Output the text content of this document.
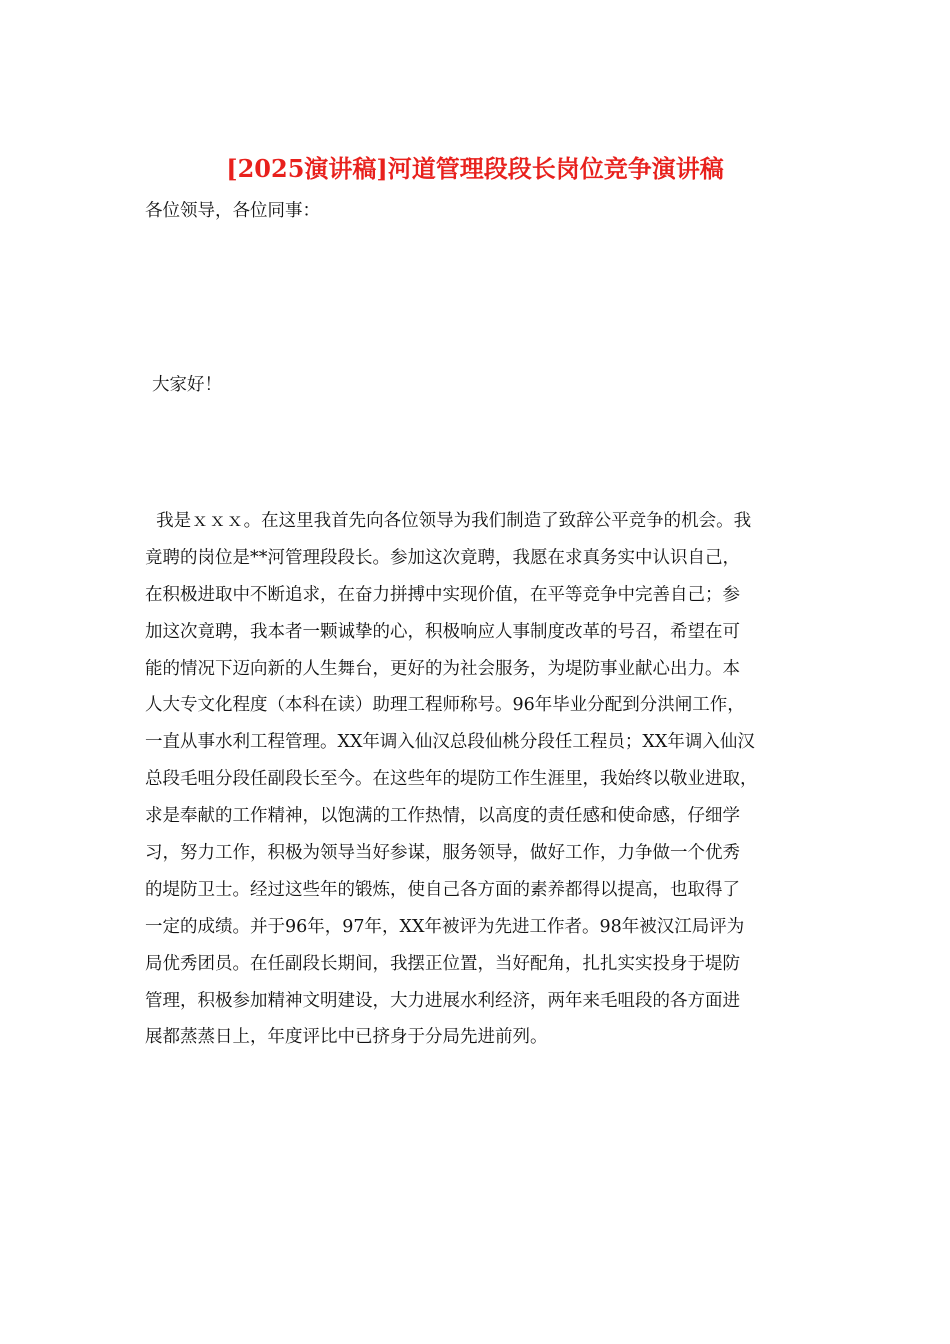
[2025演讲稿]河道管理段段长岗位竞争演讲稿
各位领导，各位同事：
大家好！
我是ｘｘｘ。在这里我首先向各位领导为我们制造了致辞公平竞争的机会。我
竟聘的岗位是**河管理段段长。参加这次竟聘，我愿在求真务实中认识自己，
在积极进取中不断追求，在奋力拼搏中实现价值，在平等竞争中完善自己；参
加这次竟聘，我本者一颗诚挚的心，积极响应人事制度改革的号召，希望在可
能的情况下迈向新的人生舞台，更好的为社会服务，为堤防事业献心出力。本
人大专文化程度（本科在读）助理工程师称号。96年毕业分配到分洪闸工作，
一直从事水利工程管理。XX年调入仙汉总段仙桃分段任工程员；XX年调入仙汉
总段毛咀分段任副段长至今。在这些年的堤防工作生涯里，我始终以敬业进取，
求是奉献的工作精神，以饱满的工作热情，以高度的责任感和使命感，仔细学
习，努力工作，积极为领导当好参谋，服务领导，做好工作，力争做一个优秀
的堤防卫士。经过这些年的锻炼，使自己各方面的素养都得以提高，也取得了
一定的成绩。并于96年，97年，XX年被评为先进工作者。98年被汉江局评为
局优秀团员。在任副段长期间，我摆正位置，当好配角，扎扎实实投身于堤防
管理，积极参加精神文明建设，大力进展水利经济，两年来毛咀段的各方面进
展都蒸蒸日上，年度评比中已挤身于分局先进前列。
